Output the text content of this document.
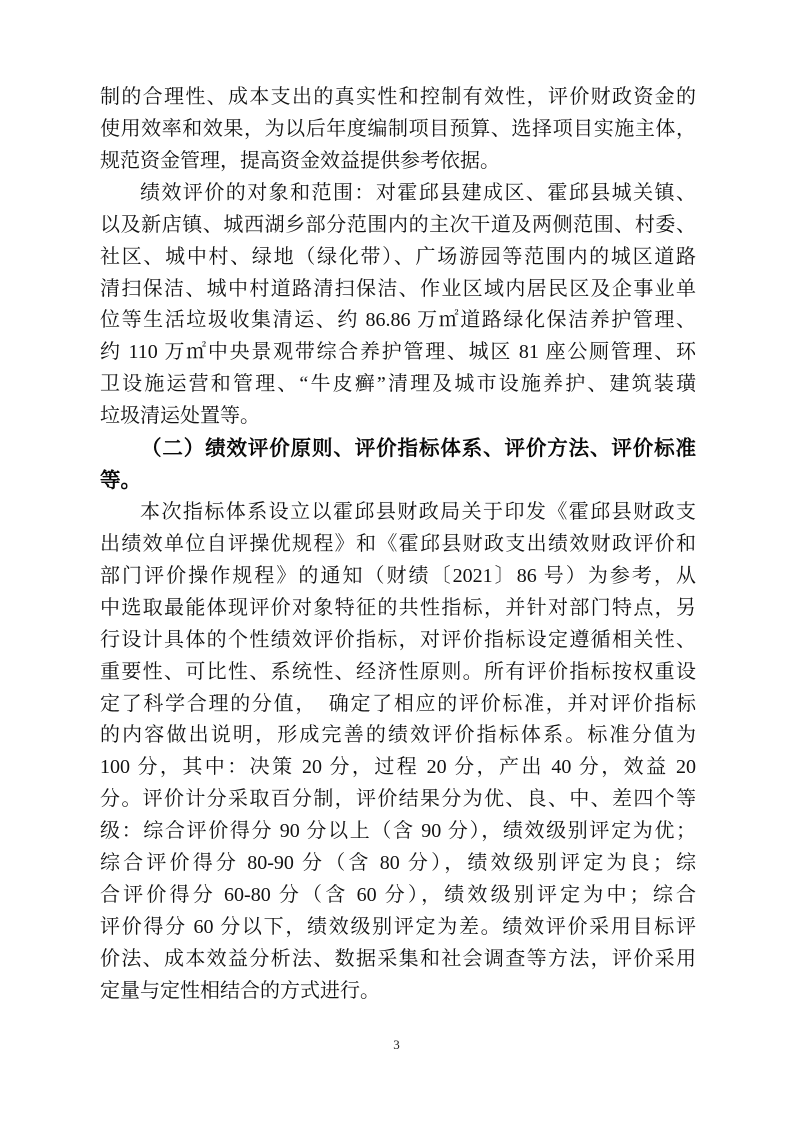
制的合理性、成本支出的真实性和控制有效性，评价财政资金的
使用效率和效果，为以后年度编制项目预算、选择项目实施主体，
规范资金管理，提高资金效益提供参考依据。
绩效评价的对象和范围：对霍邱县建成区、霍邱县城关镇、
以及新店镇、城西湖乡部分范围内的主次干道及两侧范围、村委、
社区、城中村、绿地（绿化带）、广场游园等范围内的城区道路
清扫保洁、城中村道路清扫保洁、作业区域内居民区及企事业单
位等生活垃圾收集清运、约 86.86 万㎡道路绿化保洁养护管理、
约 110 万㎡中央景观带综合养护管理、城区 81 座公厕管理、环
卫设施运营和管理、“牛皮癣”清理及城市设施养护、建筑装璜
垃圾清运处置等。
（二）绩效评价原则、评价指标体系、评价方法、评价标准
等。
本次指标体系设立以霍邱县财政局关于印发《霍邱县财政支
出绩效单位自评操优规程》和《霍邱县财政支出绩效财政评价和
部门评价操作规程》的通知（财绩〔2021〕86 号）为参考，从
中选取最能体现评价对象特征的共性指标，并针对部门特点，另
行设计具体的个性绩效评价指标，对评价指标设定遵循相关性、
重要性、可比性、系统性、经济性原则。所有评价指标按权重设
定了科学合理的分值，　确定了相应的评价标准，并对评价指标
的内容做出说明，形成完善的绩效评价指标体系。标准分值为
100 分，其中：决策 20 分，过程 20 分，产出 40 分，效益 20
分。评价计分采取百分制，评价结果分为优、良、中、差四个等
级：综合评价得分 90 分以上（含 90 分），绩效级别评定为优；
综合评价得分 80-90 分（含 80 分），绩效级别评定为良；综
合评价得分 60-80 分（含 60 分），绩效级别评定为中；综合
评价得分 60 分以下，绩效级别评定为差。绩效评价采用目标评
价法、成本效益分析法、数据采集和社会调查等方法，评价采用
定量与定性相结合的方式进行。
3
